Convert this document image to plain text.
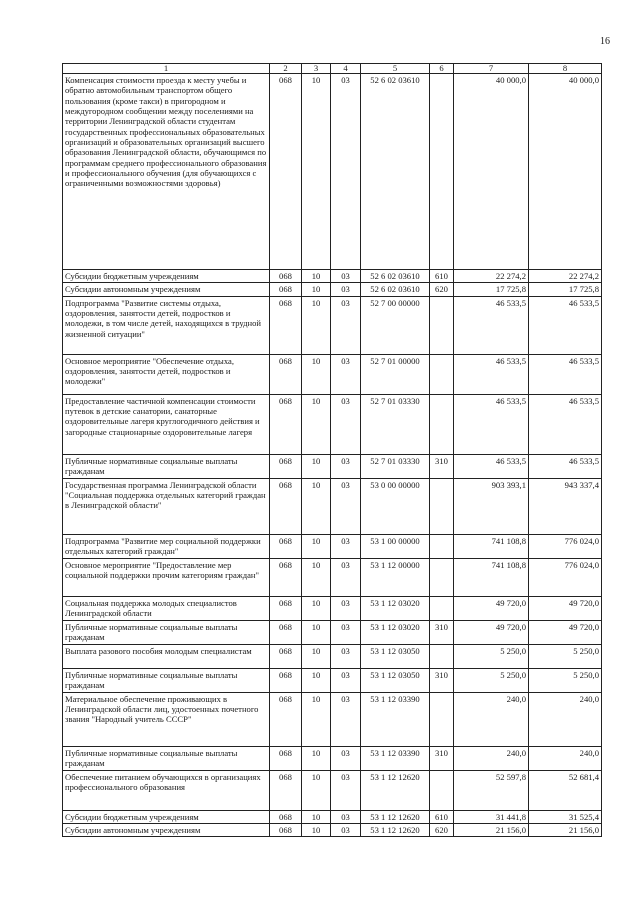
16
1	2	3	4	5	6	7	8
Компенсация стоимости проезда к месту учебы и обратно автомобильным транспортом общего пользования (кроме такси) в пригородном и междугородном сообщении между поселениями на территории Ленинградской области студентам государственных профессиональных образовательных организаций и образовательных организаций высшего образования Ленинградской области, обучающимся по программам среднего профессионального образования и профессионального обучения (для обучающихся с ограниченными возможностями здоровья)	068	10	03	52 6 02 03610		40 000,0	40 000,0
Субсидии бюджетным учреждениям	068	10	03	52 6 02 03610	610	22 274,2	22 274,2
Субсидии автономным учреждениям	068	10	03	52 6 02 03610	620	17 725,8	17 725,8
Подпрограмма "Развитие системы отдыха, оздоровления, занятости детей, подростков и молодежи, в том числе детей, находящихся в трудной жизненной ситуации"	068	10	03	52 7 00 00000		46 533,5	46 533,5
Основное мероприятие "Обеспечение отдыха, оздоровления, занятости детей, подростков и молодежи"	068	10	03	52 7 01 00000		46 533,5	46 533,5
Предоставление частичной компенсации стоимости путевок в детские санатории, санаторные оздоровительные лагеря круглогодичного действия и загородные стационарные оздоровительные лагеря	068	10	03	52 7 01 03330		46 533,5	46 533,5
Публичные нормативные социальные выплаты гражданам	068	10	03	52 7 01 03330	310	46 533,5	46 533,5
Государственная программа Ленинградской области "Социальная поддержка отдельных категорий граждан в Ленинградской области"	068	10	03	53 0 00 00000		903 393,1	943 337,4
Подпрограмма "Развитие мер социальной поддержки отдельных категорий граждан"	068	10	03	53 1 00 00000		741 108,8	776 024,0
Основное мероприятие "Предоставление мер социальной поддержки прочим категориям граждан"	068	10	03	53 1 12 00000		741 108,8	776 024,0
Социальная поддержка молодых специалистов Ленинградской области	068	10	03	53 1 12 03020		49 720,0	49 720,0
Публичные нормативные социальные выплаты гражданам	068	10	03	53 1 12 03020	310	49 720,0	49 720,0
Выплата разового пособия молодым специалистам	068	10	03	53 1 12 03050		5 250,0	5 250,0
Публичные нормативные социальные выплаты гражданам	068	10	03	53 1 12 03050	310	5 250,0	5 250,0
Материальное обеспечение проживающих в Ленинградской области лиц, удостоенных почетного звания "Народный учитель СССР"	068	10	03	53 1 12 03390		240,0	240,0
Публичные нормативные социальные выплаты гражданам	068	10	03	53 1 12 03390	310	240,0	240,0
Обеспечение питанием обучающихся в организациях профессионального образования	068	10	03	53 1 12 12620		52 597,8	52 681,4
Субсидии бюджетным учреждениям	068	10	03	53 1 12 12620	610	31 441,8	31 525,4
Субсидии автономным учреждениям	068	10	03	53 1 12 12620	620	21 156,0	21 156,0
